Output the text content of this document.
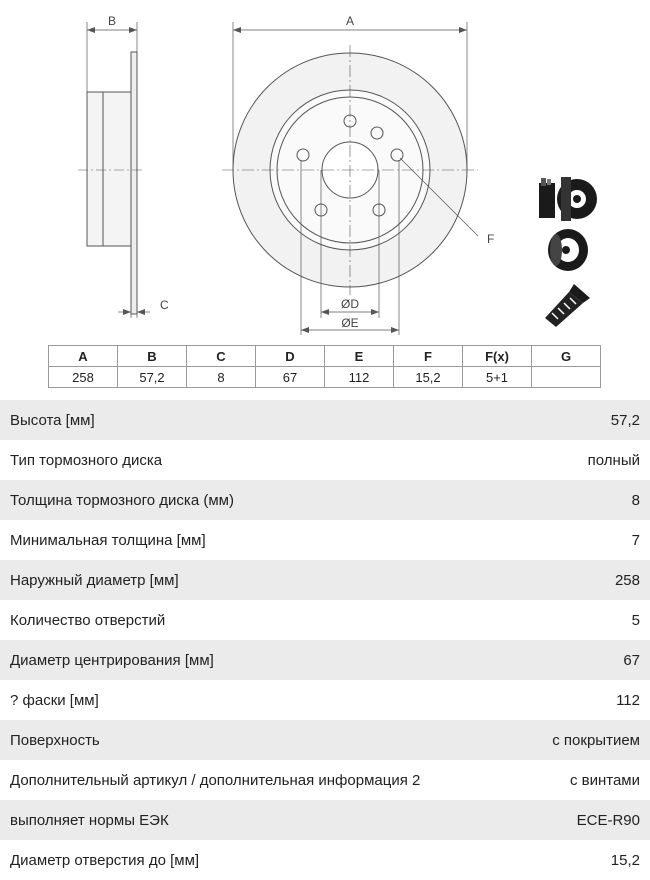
B	A
C	ØD
ØE
F
A	B	C	D	E	F	F(x)	G
258	57,2	8	67	112	15,2	5+1	
Высота [мм]	57,2
Тип тормозного диска	полный
Толщина тормозного диска (мм)	8
Минимальная толщина [мм]	7
Наружный диаметр [мм]	258
Количество отверстий	5
Диаметр центрирования [мм]	67
? фаски [мм]	112
Поверхность	с покрытием
Дополнительный артикул / дополнительная информация 2	с винтами
выполняет нормы ЕЭК	ECE-R90
Диаметр отверстия до [мм]	15,2
